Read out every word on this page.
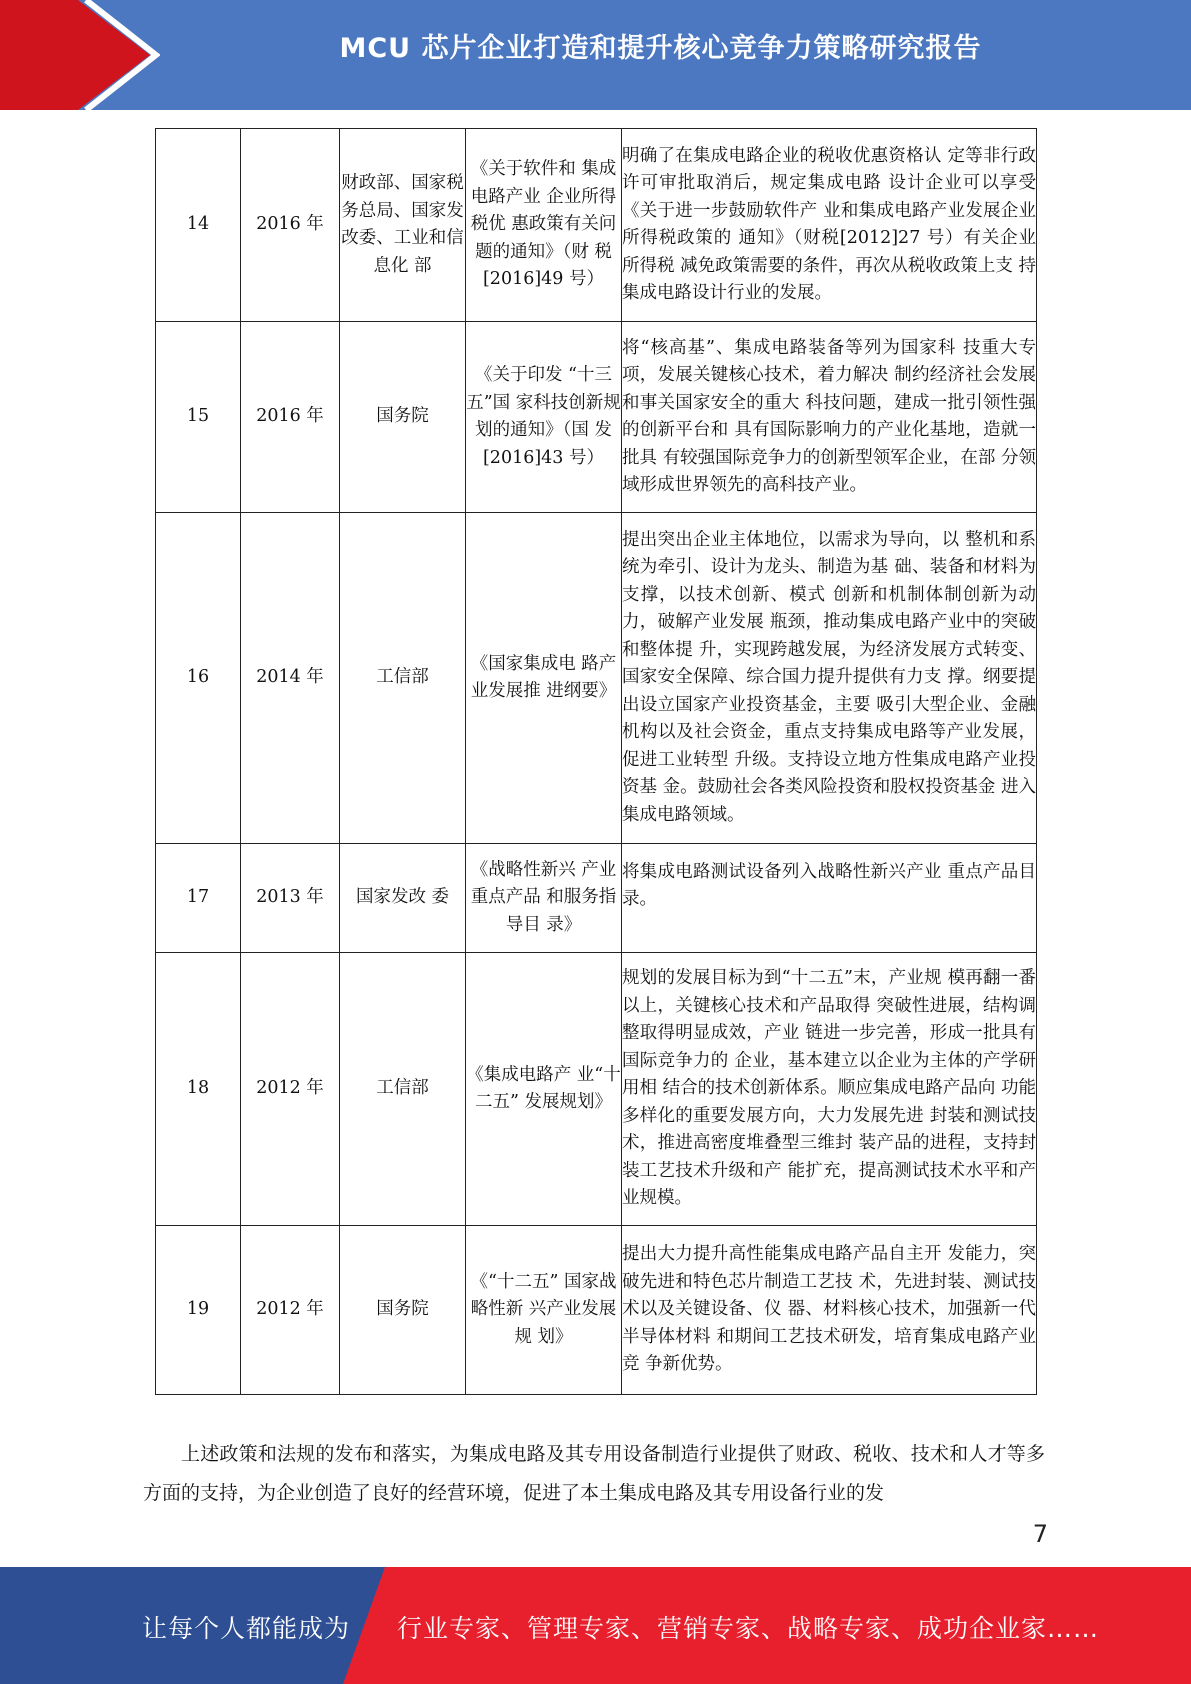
MCU 芯片企业打造和提升核心竞争力策略研究报告
14	2016 年	财政部、国家税务总局、国家发改委、工业和信息化 部	《关于软件和 集成电路产业 企业所得税优 惠政策有关问 题的通知》（财 税[2016]49 号）	明确了在集成电路企业的税收优惠资格认 定等非行政许可审批取消后，规定集成电路 设计企业可以享受《关于进一步鼓励软件产 业和集成电路产业发展企业所得税政策的 通知》（财税[2012]27 号）有关企业所得税 减免政策需要的条件，再次从税收政策上支 持集成电路设计行业的发展。
15	2016 年	国务院	《关于印发 “十三五”国 家科技创新规 划的通知》（国 发[2016]43 号）	将“核高基”、集成电路装备等列为国家科 技重大专项，发展关键核心技术，着力解决 制约经济社会发展和事关国家安全的重大 科技问题，建成一批引领性强的创新平台和 具有国际影响力的产业化基地，造就一批具 有较强国际竞争力的创新型领军企业，在部 分领域形成世界领先的高科技产业。
16	2014 年	工信部	《国家集成电 路产业发展推 进纲要》	提出突出企业主体地位，以需求为导向，以 整机和系统为牵引、设计为龙头、制造为基 础、装备和材料为支撑，以技术创新、模式 创新和机制体制创新为动力，破解产业发展 瓶颈，推动集成电路产业中的突破和整体提 升，实现跨越发展，为经济发展方式转变、 国家安全保障、综合国力提升提供有力支 撑。纲要提出设立国家产业投资基金，主要 吸引大型企业、金融机构以及社会资金，重点支持集成电路等产业发展，促进工业转型 升级。支持设立地方性集成电路产业投资基 金。鼓励社会各类风险投资和股权投资基金 进入集成电路领域。
17	2013 年	国家发改 委	《战略性新兴 产业重点产品 和服务指导目 录》	将集成电路测试设备列入战略性新兴产业 重点产品目录。

18	2012 年	工信部	《集成电路产 业“十二五” 发展规划》	规划的发展目标为到“十二五”末，产业规 模再翻一番以上，关键核心技术和产品取得 突破性进展，结构调整取得明显成效，产业 链进一步完善，形成一批具有国际竞争力的 企业，基本建立以企业为主体的产学研用相 结合的技术创新体系。顺应集成电路产品向 功能多样化的重要发展方向，大力发展先进 封装和测试技术，推进高密度堆叠型三维封 装产品的进程，支持封装工艺技术升级和产 能扩充，提高测试技术水平和产业规模。
19	2012 年	国务院	《“十二五” 国家战略性新 兴产业发展规 划》	提出大力提升高性能集成电路产品自主开 发能力，突破先进和特色芯片制造工艺技 术，先进封装、测试技术以及关键设备、仪 器、材料核心技术，加强新一代半导体材料 和期间工艺技术研发，培育集成电路产业竞 争新优势。
上述政策和法规的发布和落实，为集成电路及其专用设备制造行业提供了财政、税收、技术和人才等多方面的支持，为企业创造了良好的经营环境，促进了本土集成电路及其专用设备行业的发
7
让每个人都能成为 行业专家、管理专家、营销专家、战略专家、成功企业家……
